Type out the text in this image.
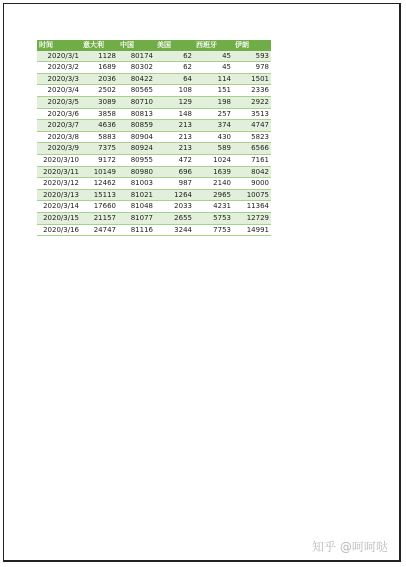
时间	意大利	中国	美国	西班牙	伊朗
2020/3/1	1128	80174	62	45	593
2020/3/2	1689	80302	62	45	978
2020/3/3	2036	80422	64	114	1501
2020/3/4	2502	80565	108	151	2336
2020/3/5	3089	80710	129	198	2922
2020/3/6	3858	80813	148	257	3513
2020/3/7	4636	80859	213	374	4747
2020/3/8	5883	80904	213	430	5823
2020/3/9	7375	80924	213	589	6566
2020/3/10	9172	80955	472	1024	7161
2020/3/11	10149	80980	696	1639	8042
2020/3/12	12462	81003	987	2140	9000
2020/3/13	15113	81021	1264	2965	10075
2020/3/14	17660	81048	2033	4231	11364
2020/3/15	21157	81077	2655	5753	12729
2020/3/16	24747	81116	3244	7753	14991
知乎 @呵呵哒
